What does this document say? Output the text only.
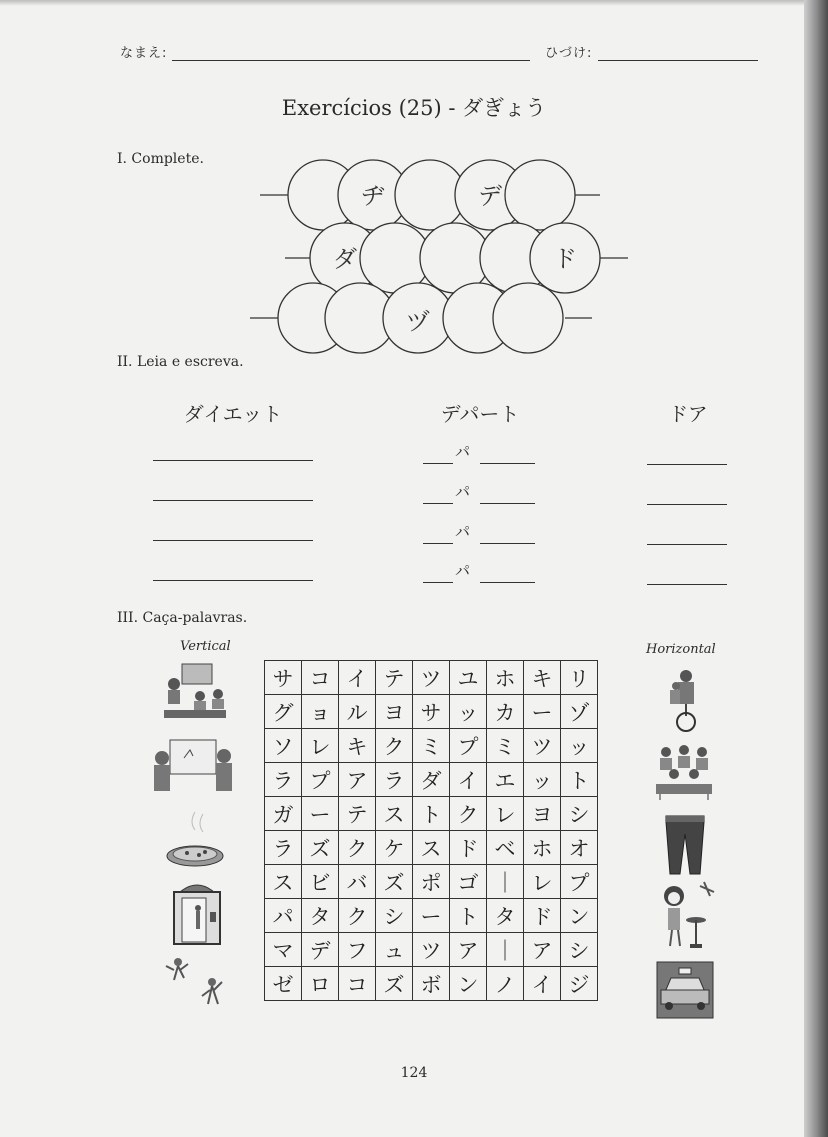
なまえ:	ひづけ:
Exercícios (25) - ダぎょう
I. Complete.
ヂ	デ
ダ	ド
ヅ
II. Leia e escreva.
ダイエット	デパート	ドア
パ
パ
パ
パ
III. Caça-palavras.
Vertical	Horizontal
サ	コ	イ	テ	ツ	ユ	ホ	キ	リ
グ	ョ	ル	ヨ	サ	ッ	カ	ー	ゾ
ソ	レ	キ	ク	ミ	プ	ミ	ツ	ッ
ラ	プ	ア	ラ	ダ	イ	エ	ッ	ト
ガ	ー	テ	ス	ト	ク	レ	ヨ	シ
ラ	ズ	ク	ケ	ス	ド	ベ	ホ	オ
ス	ビ	バ	ズ	ポ	ゴ	｜	レ	プ
パ	タ	ク	シ	ー	ト	タ	ド	ン
マ	デ	フ	ュ	ツ	ア	｜	ア	シ
ゼ	ロ	コ	ズ	ボ	ン	ノ	イ	ジ
124
